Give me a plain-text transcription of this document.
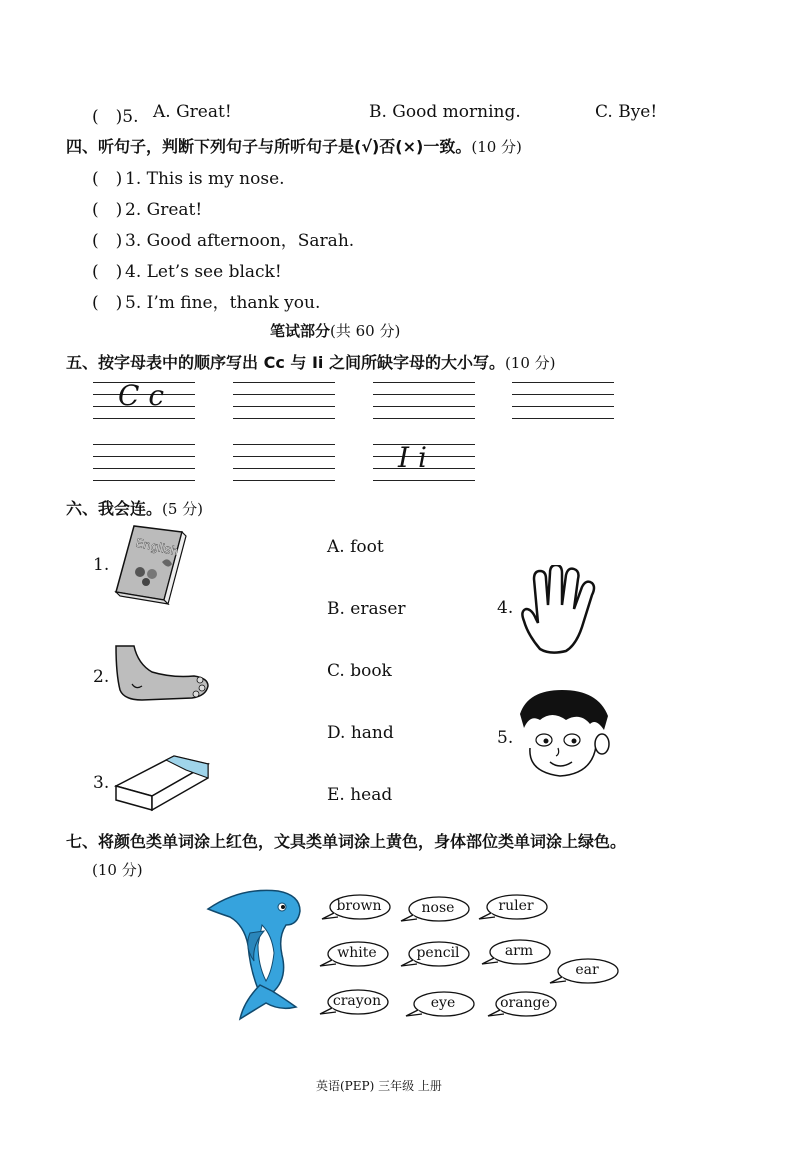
(　)5. A. Great!	B. Good morning.	C. Bye!
四、听句子，判断下列句子与所听句子是(√)否(×)一致。(10 分)
(　) 1. This is my nose.
(　) 2. Great!
(　) 3. Good afternoon，Sarah.
(　) 4. Let’s see black!
(　) 5. I’m fine，thank you.
笔试部分(共 60 分)
五、按字母表中的顺序写出 Cc 与 Ii 之间所缺字母的大小写。(10 分)
C c
I i
六、我会连。(5 分)
1.
2.
3.
4.
5.
A. foot
B. eraser
C. book
D. hand
E. head
English
七、将颜色类单词涂上红色，文具类单词涂上黄色，身体部位类单词涂上绿色。
(10 分)
brown	nose	ruler
white	pencil	arm
ear
crayon	eye	orange
英语(PEP) 三年级 上册
